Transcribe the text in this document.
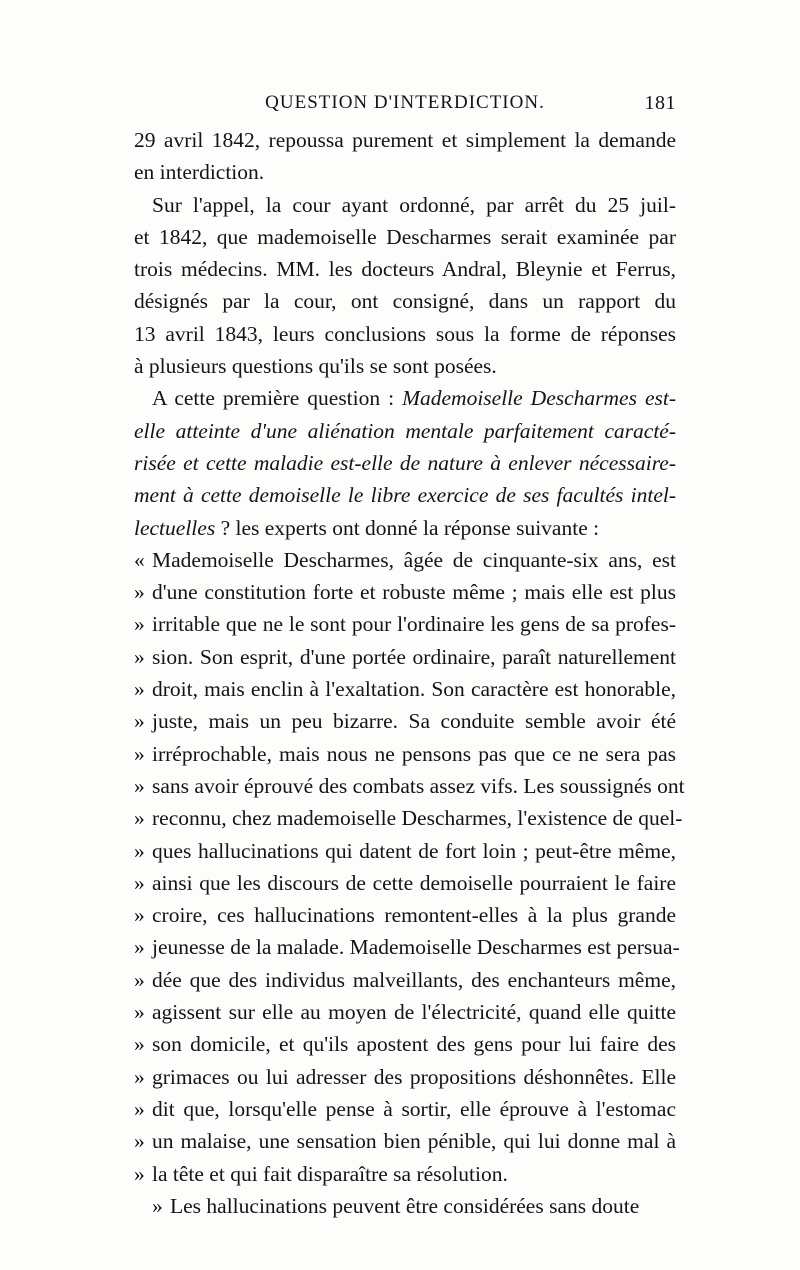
QUESTION D'INTERDICTION.	181
29 avril 1842, repoussa purement et simplement la demande
en interdiction.
Sur l'appel, la cour ayant ordonné, par arrêt du 25 juil-
et 1842, que mademoiselle Descharmes serait examinée par
trois médecins. MM. les docteurs Andral, Bleynie et Ferrus,
désignés par la cour, ont consigné, dans un rapport du
13 avril 1843, leurs conclusions sous la forme de réponses
à plusieurs questions qu'ils se sont posées.
A cette première question : Mademoiselle Descharmes est-
elle atteinte d'une aliénation mentale parfaitement caracté-
risée et cette maladie est-elle de nature à enlever nécessaire-
ment à cette demoiselle le libre exercice de ses facultés intel-
lectuelles ? les experts ont donné la réponse suivante :
« Mademoiselle Descharmes, âgée de cinquante-six ans, est
» d'une constitution forte et robuste même ; mais elle est plus
» irritable que ne le sont pour l'ordinaire les gens de sa profes-
» sion. Son esprit, d'une portée ordinaire, paraît naturellement
» droit, mais enclin à l'exaltation. Son caractère est honorable,
» juste, mais un peu bizarre. Sa conduite semble avoir été
» irréprochable, mais nous ne pensons pas que ce ne sera pas
» sans avoir éprouvé des combats assez vifs. Les soussignés ont
» reconnu, chez mademoiselle Descharmes, l'existence de quel-
» ques hallucinations qui datent de fort loin ; peut-être même,
» ainsi que les discours de cette demoiselle pourraient le faire
» croire, ces hallucinations remontent-elles à la plus grande
» jeunesse de la malade. Mademoiselle Descharmes est persua-
» dée que des individus malveillants, des enchanteurs même,
» agissent sur elle au moyen de l'électricité, quand elle quitte
» son domicile, et qu'ils apostent des gens pour lui faire des
» grimaces ou lui adresser des propositions déshonnêtes. Elle
» dit que, lorsqu'elle pense à sortir, elle éprouve à l'estomac
» un malaise, une sensation bien pénible, qui lui donne mal à
» la tête et qui fait disparaître sa résolution.
» Les hallucinations peuvent être considérées sans doute
